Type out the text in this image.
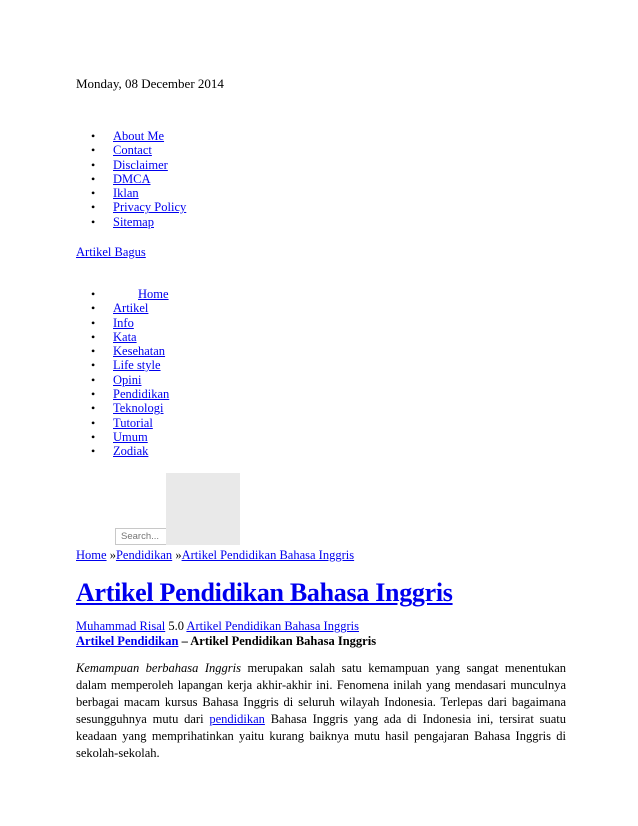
Monday, 08 December 2014
• About Me
• Contact
• Disclaimer
• DMCA
• Iklan
• Privacy Policy
• Sitemap
Artikel Bagus
•	Home
• Artikel
• Info
• Kata
• Kesehatan
• Life style
• Opini
• Pendidikan
• Teknologi
• Tutorial
• Umum
• Zodiak
Search...
Home »Pendidikan »Artikel Pendidikan Bahasa Inggris
Artikel Pendidikan Bahasa Inggris
Muhammad Risal 5.0 Artikel Pendidikan Bahasa Inggris
Artikel Pendidikan – Artikel Pendidikan Bahasa Inggris
Kemampuan berbahasa Inggris merupakan salah satu kemampuan yang sangat menentukan dalam memperoleh lapangan kerja akhir-akhir ini. Fenomena inilah yang mendasari munculnya berbagai macam kursus Bahasa Inggris di seluruh wilayah Indonesia. Terlepas dari bagaimana sesungguhnya mutu dari pendidikan Bahasa Inggris yang ada di Indonesia ini, tersirat suatu keadaan yang memprihatinkan yaitu kurang baiknya mutu hasil pengajaran Bahasa Inggris di sekolah-sekolah.
